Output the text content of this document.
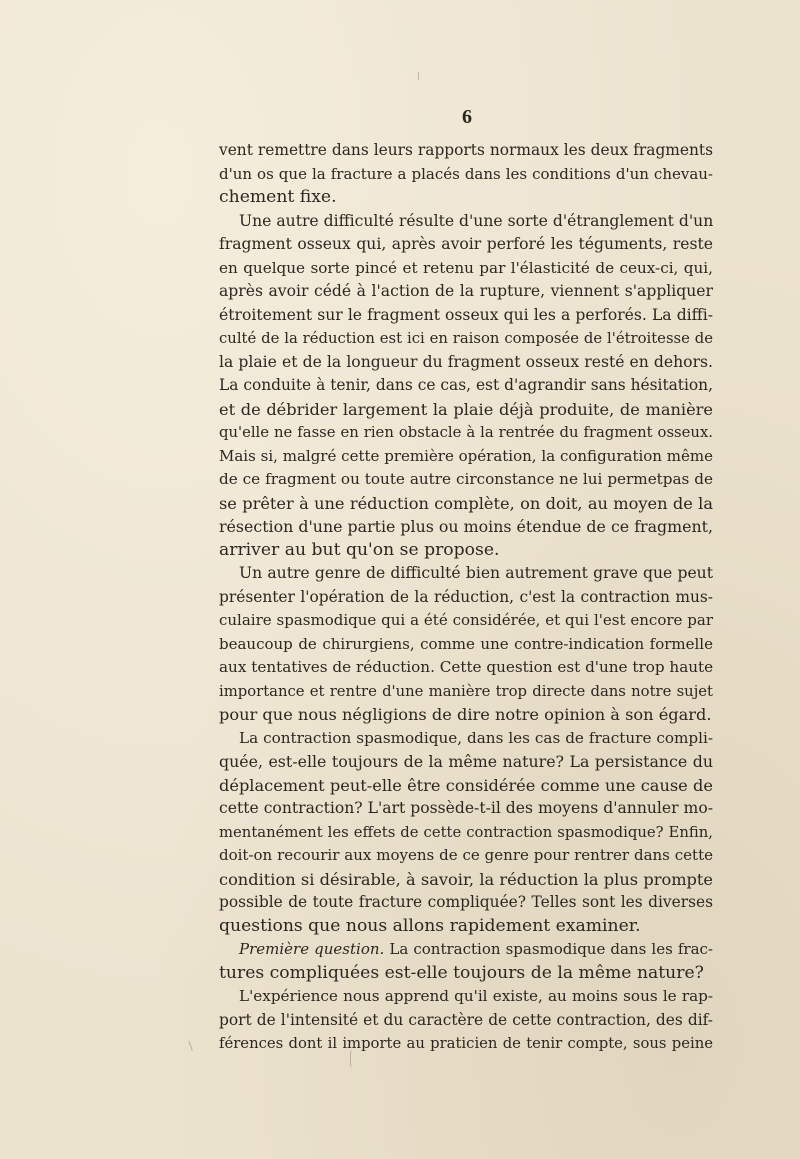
6
vent remettre dans leurs rapports normaux les deux fragments
d'un os que la fracture a placés dans les conditions d'un chevau-
chement fixe.
Une autre difficulté résulte d'une sorte d'étranglement d'un
fragment osseux qui, après avoir perforé les téguments, reste
en quelque sorte pincé et retenu par l'élasticité de ceux-ci, qui,
après avoir cédé à l'action de la rupture, viennent s'appliquer
étroitement sur le fragment osseux qui les a perforés. La diffi-
culté de la réduction est ici en raison composée de l'étroitesse de
la plaie et de la longueur du fragment osseux resté en dehors.
La conduite à tenir, dans ce cas, est d'agrandir sans hésitation,
et de débrider largement la plaie déjà produite, de manière
qu'elle ne fasse en rien obstacle à la rentrée du fragment osseux.
Mais si, malgré cette première opération, la configuration même
de ce fragment ou toute autre circonstance ne lui permetpas de
se prêter à une réduction complète, on doit, au moyen de la
résection d'une partie plus ou moins étendue de ce fragment,
arriver au but qu'on se propose.
Un autre genre de difficulté bien autrement grave que peut
présenter l'opération de la réduction, c'est la contraction mus-
culaire spasmodique qui a été considérée, et qui l'est encore par
beaucoup de chirurgiens, comme une contre-indication formelle
aux tentatives de réduction. Cette question est d'une trop haute
importance et rentre d'une manière trop directe dans notre sujet
pour que nous négligions de dire notre opinion à son égard.
La contraction spasmodique, dans les cas de fracture compli-
quée, est-elle toujours de la même nature? La persistance du
déplacement peut-elle être considérée comme une cause de
cette contraction? L'art possède-t-il des moyens d'annuler mo-
mentanément les effets de cette contraction spasmodique? Enfin,
doit-on recourir aux moyens de ce genre pour rentrer dans cette
condition si désirable, à savoir, la réduction la plus prompte
possible de toute fracture compliquée? Telles sont les diverses
questions que nous allons rapidement examiner.
Première question. La contraction spasmodique dans les frac-
tures compliquées est-elle toujours de la même nature?
L'expérience nous apprend qu'il existe, au moins sous le rap-
port de l'intensité et du caractère de cette contraction, des dif-
férences dont il importe au praticien de tenir compte, sous peine
